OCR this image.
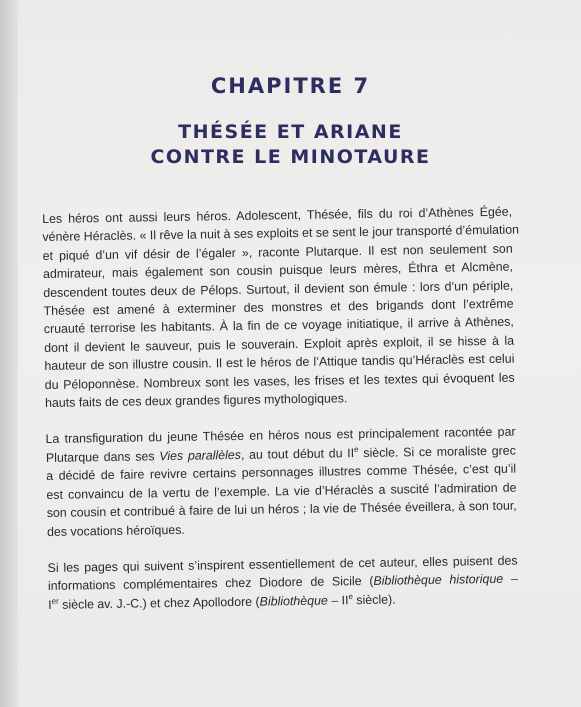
CHAPITRE 7
THÉSÉE ET ARIANE
CONTRE LE MINOTAURE

Les héros ont aussi leurs héros. Adolescent, Thésée, fils du roi d’Athènes Égée,
vénère Héraclès. « Il rêve la nuit à ses exploits et se sent le jour transporté d’émulation
et piqué d’un vif désir de l’égaler », raconte Plutarque. Il est non seulement son
admirateur, mais également son cousin puisque leurs mères, Éthra et Alcmène,
descendent toutes deux de Pélops. Surtout, il devient son émule : lors d’un périple,
Thésée est amené à exterminer des monstres et des brigands dont l’extrême
cruauté terrorise les habitants. À la fin de ce voyage initiatique, il arrive à Athènes,
dont il devient le sauveur, puis le souverain. Exploit après exploit, il se hisse à la
hauteur de son illustre cousin. Il est le héros de l’Attique tandis qu’Héraclès est celui
du Péloponnèse. Nombreux sont les vases, les frises et les textes qui évoquent les
hauts faits de ces deux grandes figures mythologiques.

La transfiguration du jeune Thésée en héros nous est principalement racontée par
Plutarque dans ses Vies parallèles, au tout début du IIe siècle. Si ce moraliste grec
a décidé de faire revivre certains personnages illustres comme Thésée, c’est qu’il
est convaincu de la vertu de l’exemple. La vie d’Héraclès a suscité l’admiration de
son cousin et contribué à faire de lui un héros ; la vie de Thésée éveillera, à son tour,
des vocations héroïques.

Si les pages qui suivent s’inspirent essentiellement de cet auteur, elles puisent des
informations complémentaires chez Diodore de Sicile (Bibliothèque historique –
Ier siècle av. J.-C.) et chez Apollodore (Bibliothèque – IIe siècle).
